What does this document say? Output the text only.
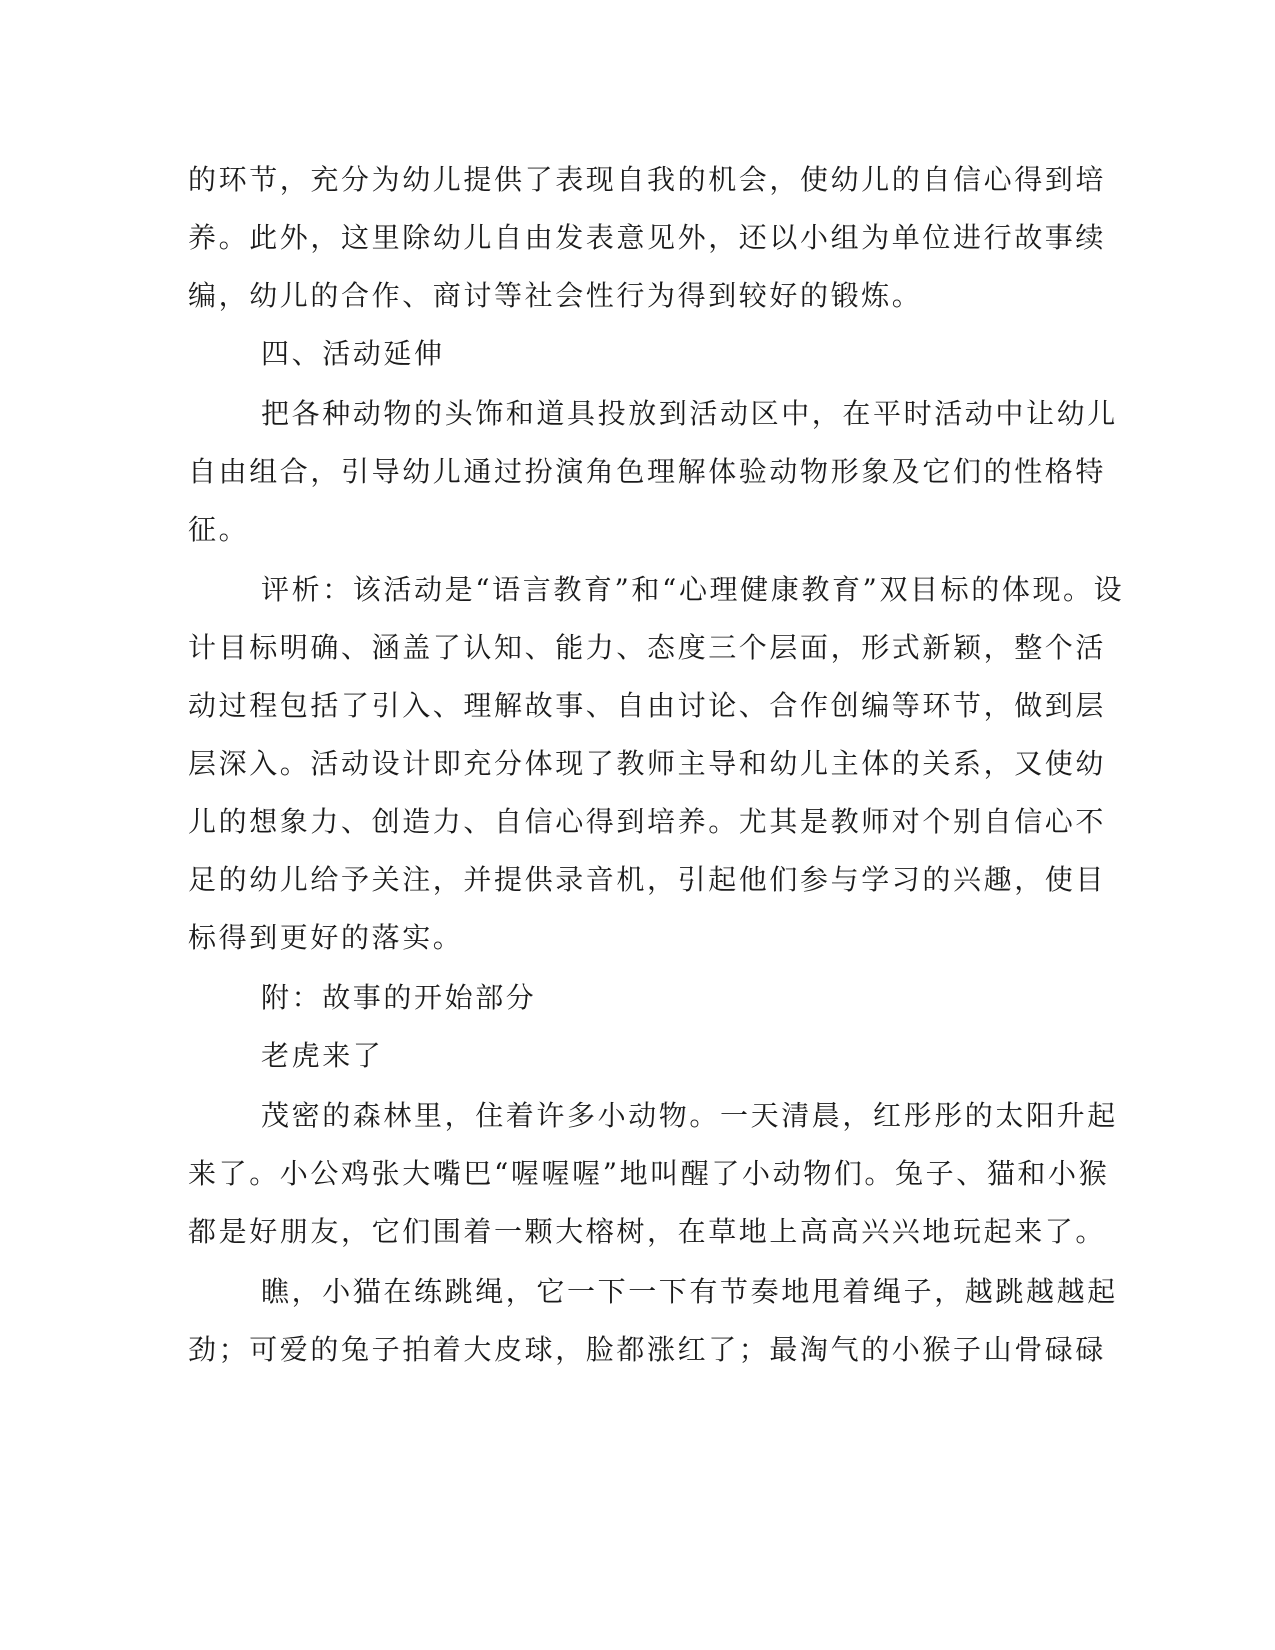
的环节，充分为幼儿提供了表现自我的机会，使幼儿的自信心得到培
养。此外，这里除幼儿自由发表意见外，还以小组为单位进行故事续
编，幼儿的合作、商讨等社会性行为得到较好的锻炼。
四、活动延伸
把各种动物的头饰和道具投放到活动区中，在平时活动中让幼儿
自由组合，引导幼儿通过扮演角色理解体验动物形象及它们的性格特
征。
评析：该活动是“语言教育”和“心理健康教育”双目标的体现。设
计目标明确、涵盖了认知、能力、态度三个层面，形式新颖，整个活
动过程包括了引入、理解故事、自由讨论、合作创编等环节，做到层
层深入。活动设计即充分体现了教师主导和幼儿主体的关系，又使幼
儿的想象力、创造力、自信心得到培养。尤其是教师对个别自信心不
足的幼儿给予关注，并提供录音机，引起他们参与学习的兴趣，使目
标得到更好的落实。
附：故事的开始部分
老虎来了
茂密的森林里，住着许多小动物。一天清晨，红彤彤的太阳升起
来了。小公鸡张大嘴巴“喔喔喔”地叫醒了小动物们。兔子、猫和小猴
都是好朋友，它们围着一颗大榕树，在草地上高高兴兴地玩起来了。
瞧，小猫在练跳绳，它一下一下有节奏地甩着绳子，越跳越越起
劲；可爱的兔子拍着大皮球，脸都涨红了；最淘气的小猴子山骨碌碌
